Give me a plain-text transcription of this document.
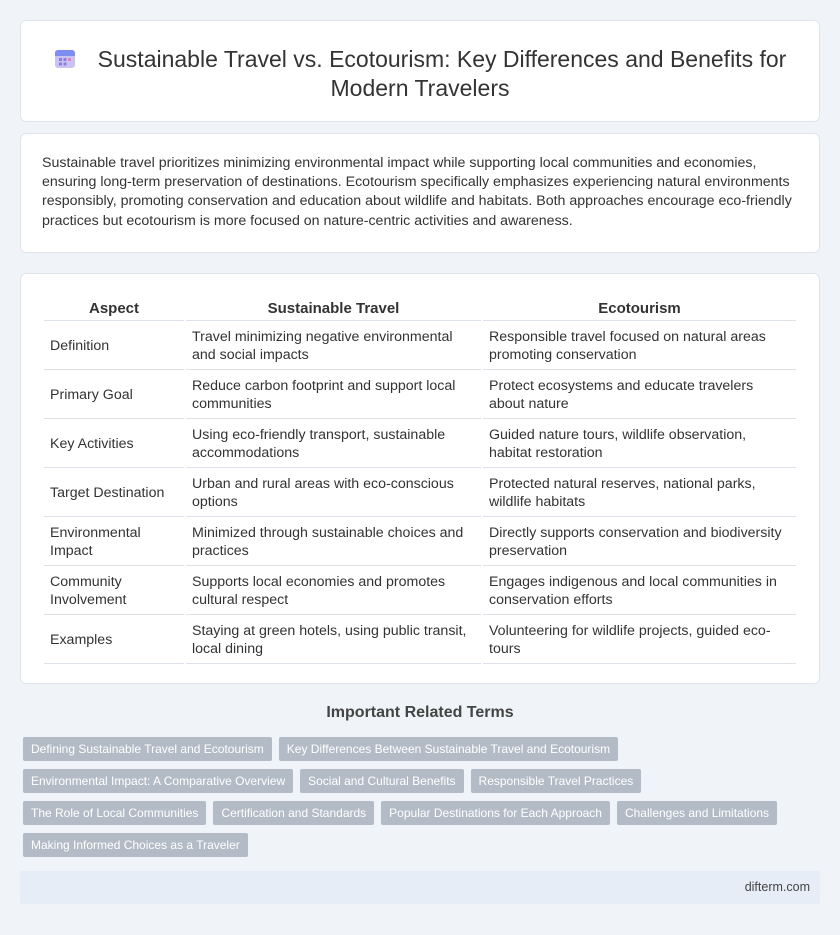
Sustainable Travel vs. Ecotourism: Key Differences and Benefits for Modern Travelers

Sustainable travel prioritizes minimizing environmental impact while supporting local communities and economies, ensuring long-term preservation of destinations. Ecotourism specifically emphasizes experiencing natural environments responsibly, promoting conservation and education about wildlife and habitats. Both approaches encourage eco-friendly practices but ecotourism is more focused on nature-centric activities and awareness.

Aspect	Sustainable Travel	Ecotourism
Definition	Travel minimizing negative environmental and social impacts	Responsible travel focused on natural areas promoting conservation
Primary Goal	Reduce carbon footprint and support local communities	Protect ecosystems and educate travelers about nature
Key Activities	Using eco-friendly transport, sustainable accommodations	Guided nature tours, wildlife observation, habitat restoration
Target Destination	Urban and rural areas with eco-conscious options	Protected natural reserves, national parks, wildlife habitats
Environmental Impact	Minimized through sustainable choices and practices	Directly supports conservation and biodiversity preservation
Community Involvement	Supports local economies and promotes cultural respect	Engages indigenous and local communities in conservation efforts
Examples	Staying at green hotels, using public transit, local dining	Volunteering for wildlife projects, guided eco-tours
Important Related Terms
Defining Sustainable Travel and Ecotourism	Key Differences Between Sustainable Travel and Ecotourism
Environmental Impact: A Comparative Overview	Social and Cultural Benefits	Responsible Travel Practices
The Role of Local Communities	Certification and Standards	Popular Destinations for Each Approach	Challenges and Limitations
Making Informed Choices as a Traveler
difterm.com
